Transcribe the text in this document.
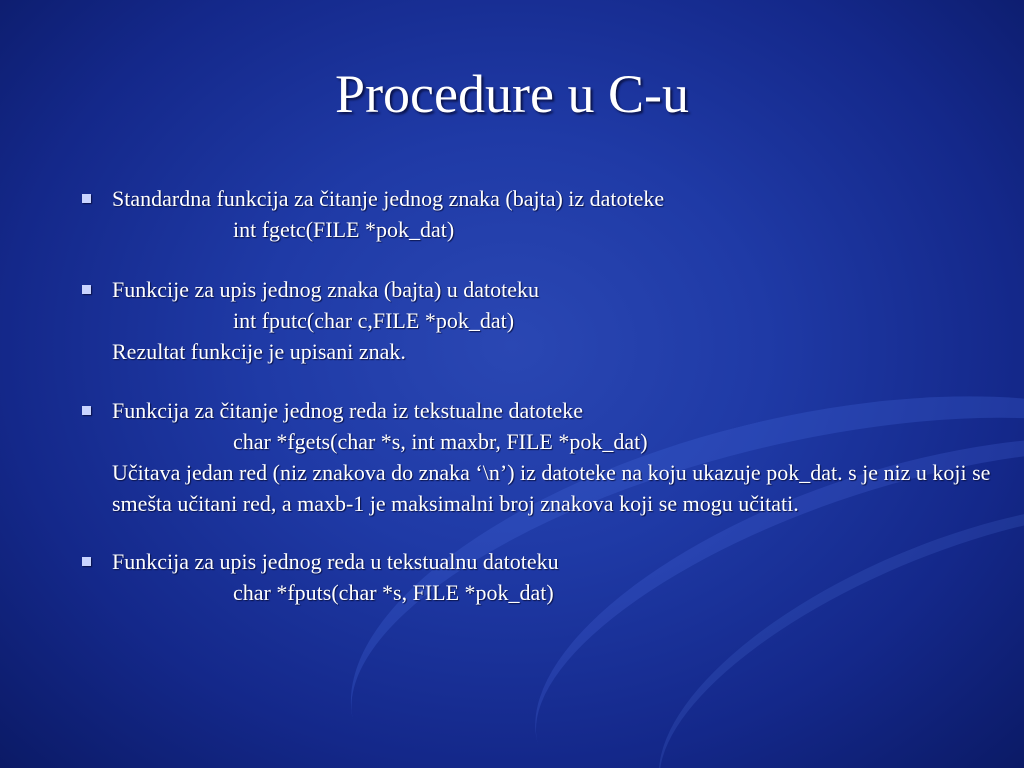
Procedure u C-u
Standardna funkcija za čitanje jednog znaka (bajta) iz datoteke
int fgetc(FILE *pok_dat)
Funkcije za upis jednog znaka (bajta) u datoteku
int fputc(char c,FILE *pok_dat)
Rezultat funkcije je upisani znak.
Funkcija za čitanje jednog reda iz tekstualne datoteke
char *fgets(char *s, int maxbr, FILE *pok_dat)
Učitava jedan red (niz znakova do znaka ‘\n’) iz datoteke na koju ukazuje pok_dat. s je niz u koji se smešta učitani red, a maxb-1 je maksimalni broj znakova koji se mogu učitati.
Funkcija za upis jednog reda u tekstualnu datoteku
char *fputs(char *s, FILE *pok_dat)
